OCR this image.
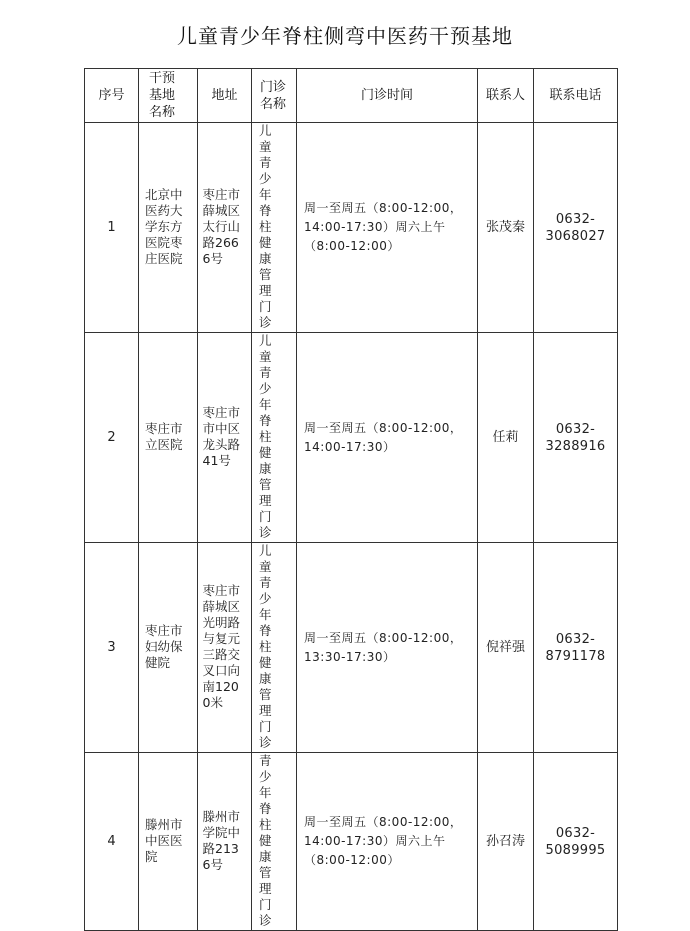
儿童青少年脊柱侧弯中医药干预基地
序号	干预基地名称	地址	门诊名称	门诊时间	联系人	联系电话
1	北京中医药大学东方医院枣庄医院	枣庄市薛城区太行山路2666号	儿童青少年脊柱健康管理门诊	周一至周五（8:00-12:00，14:00-17:30）周六上午（8:00-12:00）	张茂秦	0632-3068027
2	枣庄市立医院	枣庄市市中区龙头路41号	儿童青少年脊柱健康管理门诊	周一至周五（8:00-12:00，14:00-17:30）	任莉	0632-3288916
3	枣庄市妇幼保健院	枣庄市薛城区光明路与复元三路交叉口向南1200米	儿童青少年脊柱健康管理门诊	周一至周五（8:00-12:00，13:30-17:30）	倪祥强	0632-8791178
4	滕州市中医医院	滕州市学院中路2136号	青少年脊柱健康管理门诊	周一至周五（8:00-12:00，14:00-17:30）周六上午（8:00-12:00）	孙召涛	0632-5089995
